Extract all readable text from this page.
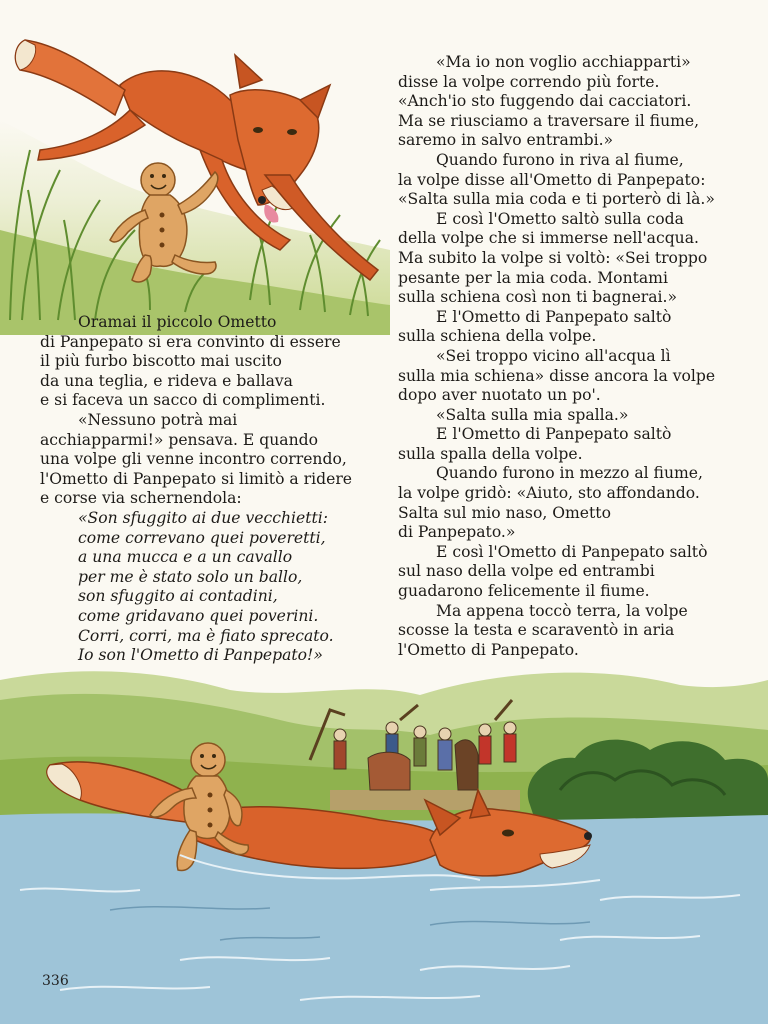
Oramai il piccolo Ometto
di Panpepato si era convinto di essere
il più furbo biscotto mai uscito
da una teglia, e rideva e ballava
e si faceva un sacco di complimenti.

«Nessuno potrà mai
acchiapparmi!» pensava. E quando
una volpe gli venne incontro correndo,
l'Ometto di Panpepato si limitò a ridere
e corse via schernendola:

«Son sfuggito ai due vecchietti:
come correvano quei poveretti,
a una mucca e a un cavallo
per me è stato solo un ballo,
son sfuggito ai contadini,
come gridavano quei poverini.
Corri, corri, ma è fiato sprecato.
Io son l'Ometto di Panpepato!»

«Ma io non voglio acchiapparti»
disse la volpe correndo più forte.
«Anch'io sto fuggendo dai cacciatori.
Ma se riusciamo a traversare il fiume,
saremo in salvo entrambi.»

Quando furono in riva al fiume,
la volpe disse all'Ometto di Panpepato:
«Salta sulla mia coda e ti porterò di là.»

E così l'Ometto saltò sulla coda
della volpe che si immerse nell'acqua.
Ma subito la volpe si voltò: «Sei troppo
pesante per la mia coda. Montami
sulla schiena così non ti bagnerai.»

E l'Ometto di Panpepato saltò
sulla schiena della volpe.

«Sei troppo vicino all'acqua lì
sulla mia schiena» disse ancora la volpe
dopo aver nuotato un po'.

«Salta sulla mia spalla.»

E l'Ometto di Panpepato saltò
sulla spalla della volpe.

Quando furono in mezzo al fiume,
la volpe gridò: «Aiuto, sto affondando.
Salta sul mio naso, Ometto
di Panpepato.»

E così l'Ometto di Panpepato saltò
sul naso della volpe ed entrambi
guadarono felicemente il fiume.

Ma appena toccò terra, la volpe
scosse la testa e scaraventò in aria
l'Ometto di Panpepato.

336
